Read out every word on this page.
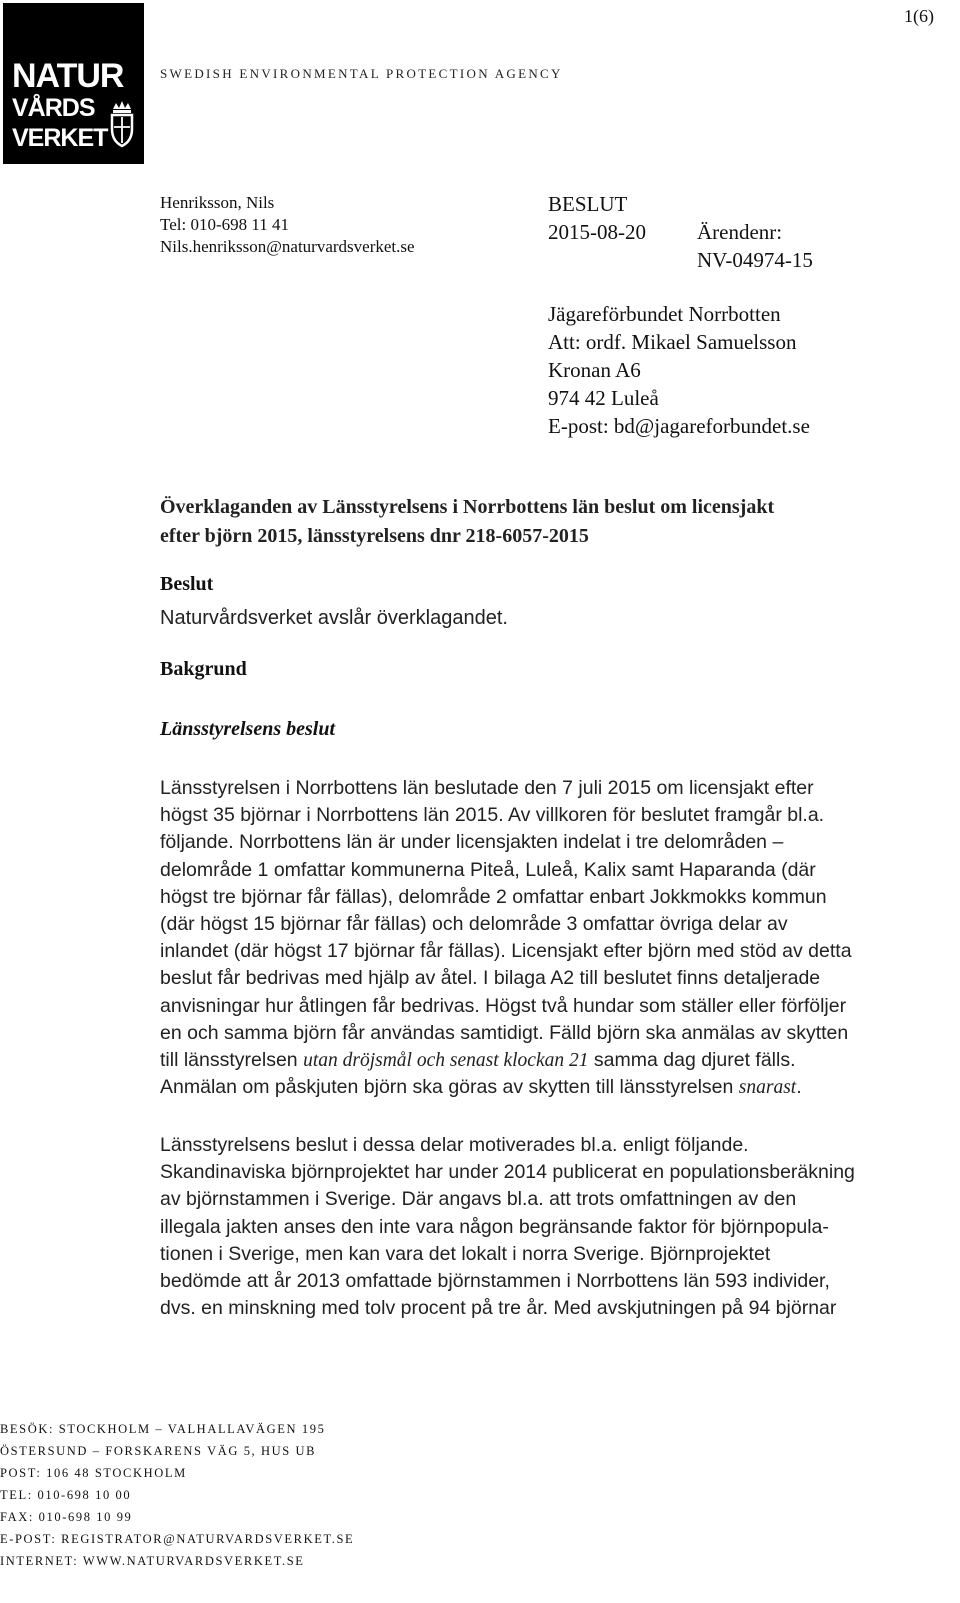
1(6)
NATUR
VÅRDS
VERKET
SWEDISH ENVIRONMENTAL PROTECTION AGENCY
Henriksson, Nils
Tel: 010-698 11 41
Nils.henriksson@naturvardsverket.se
BESLUT
2015-08-20 Ärendenr:
NV-04974-15
Jägareförbundet Norrbotten
Att: ordf. Mikael Samuelsson
Kronan A6
974 42 Luleå
E-post: bd@jagareforbundet.se
Överklaganden av Länsstyrelsens i Norrbottens län beslut om licensjakt
efter björn 2015, länsstyrelsens dnr 218-6057-2015
Beslut
Naturvårdsverket avslår överklagandet.
Bakgrund
Länsstyrelsens beslut

Länsstyrelsen i Norrbottens län beslutade den 7 juli 2015 om licensjakt efter

högst 35 björnar i Norrbottens län 2015. Av villkoren för beslutet framgår bl.a.

följande. Norrbottens län är under licensjakten indelat i tre delområden –

delområde 1 omfattar kommunerna Piteå, Luleå, Kalix samt Haparanda (där

högst tre björnar får fällas), delområde 2 omfattar enbart Jokkmokks kommun

(där högst 15 björnar får fällas) och delområde 3 omfattar övriga delar av

inlandet (där högst 17 björnar får fällas). Licensjakt efter björn med stöd av detta

beslut får bedrivas med hjälp av åtel. I bilaga A2 till beslutet finns detaljerade

anvisningar hur åtlingen får bedrivas. Högst två hundar som ställer eller förföljer

en och samma björn får användas samtidigt. Fälld björn ska anmälas av skytten

till länsstyrelsen utan dröjsmål och senast klockan 21 samma dag djuret fälls.

Anmälan om påskjuten björn ska göras av skytten till länsstyrelsen snarast.

Länsstyrelsens beslut i dessa delar motiverades bl.a. enligt följande.

Skandinaviska björnprojektet har under 2014 publicerat en populationsberäkning

av björnstammen i Sverige. Där angavs bl.a. att trots omfattningen av den

illegala jakten anses den inte vara någon begränsande faktor för björnpopula-

tionen i Sverige, men kan vara det lokalt i norra Sverige. Björnprojektet

bedömde att år 2013 omfattade björnstammen i Norrbottens län 593 individer,

dvs. en minskning med tolv procent på tre år. Med avskjutningen på 94 björnar

BESÖK: STOCKHOLM – VALHALLAVÄGEN 195
ÖSTERSUND – FORSKARENS VÄG 5, HUS UB
POST: 106 48 STOCKHOLM
TEL: 010-698 10 00
FAX: 010-698 10 99
E-POST: REGISTRATOR@NATURVARDSVERKET.SE
INTERNET: WWW.NATURVARDSVERKET.SE
